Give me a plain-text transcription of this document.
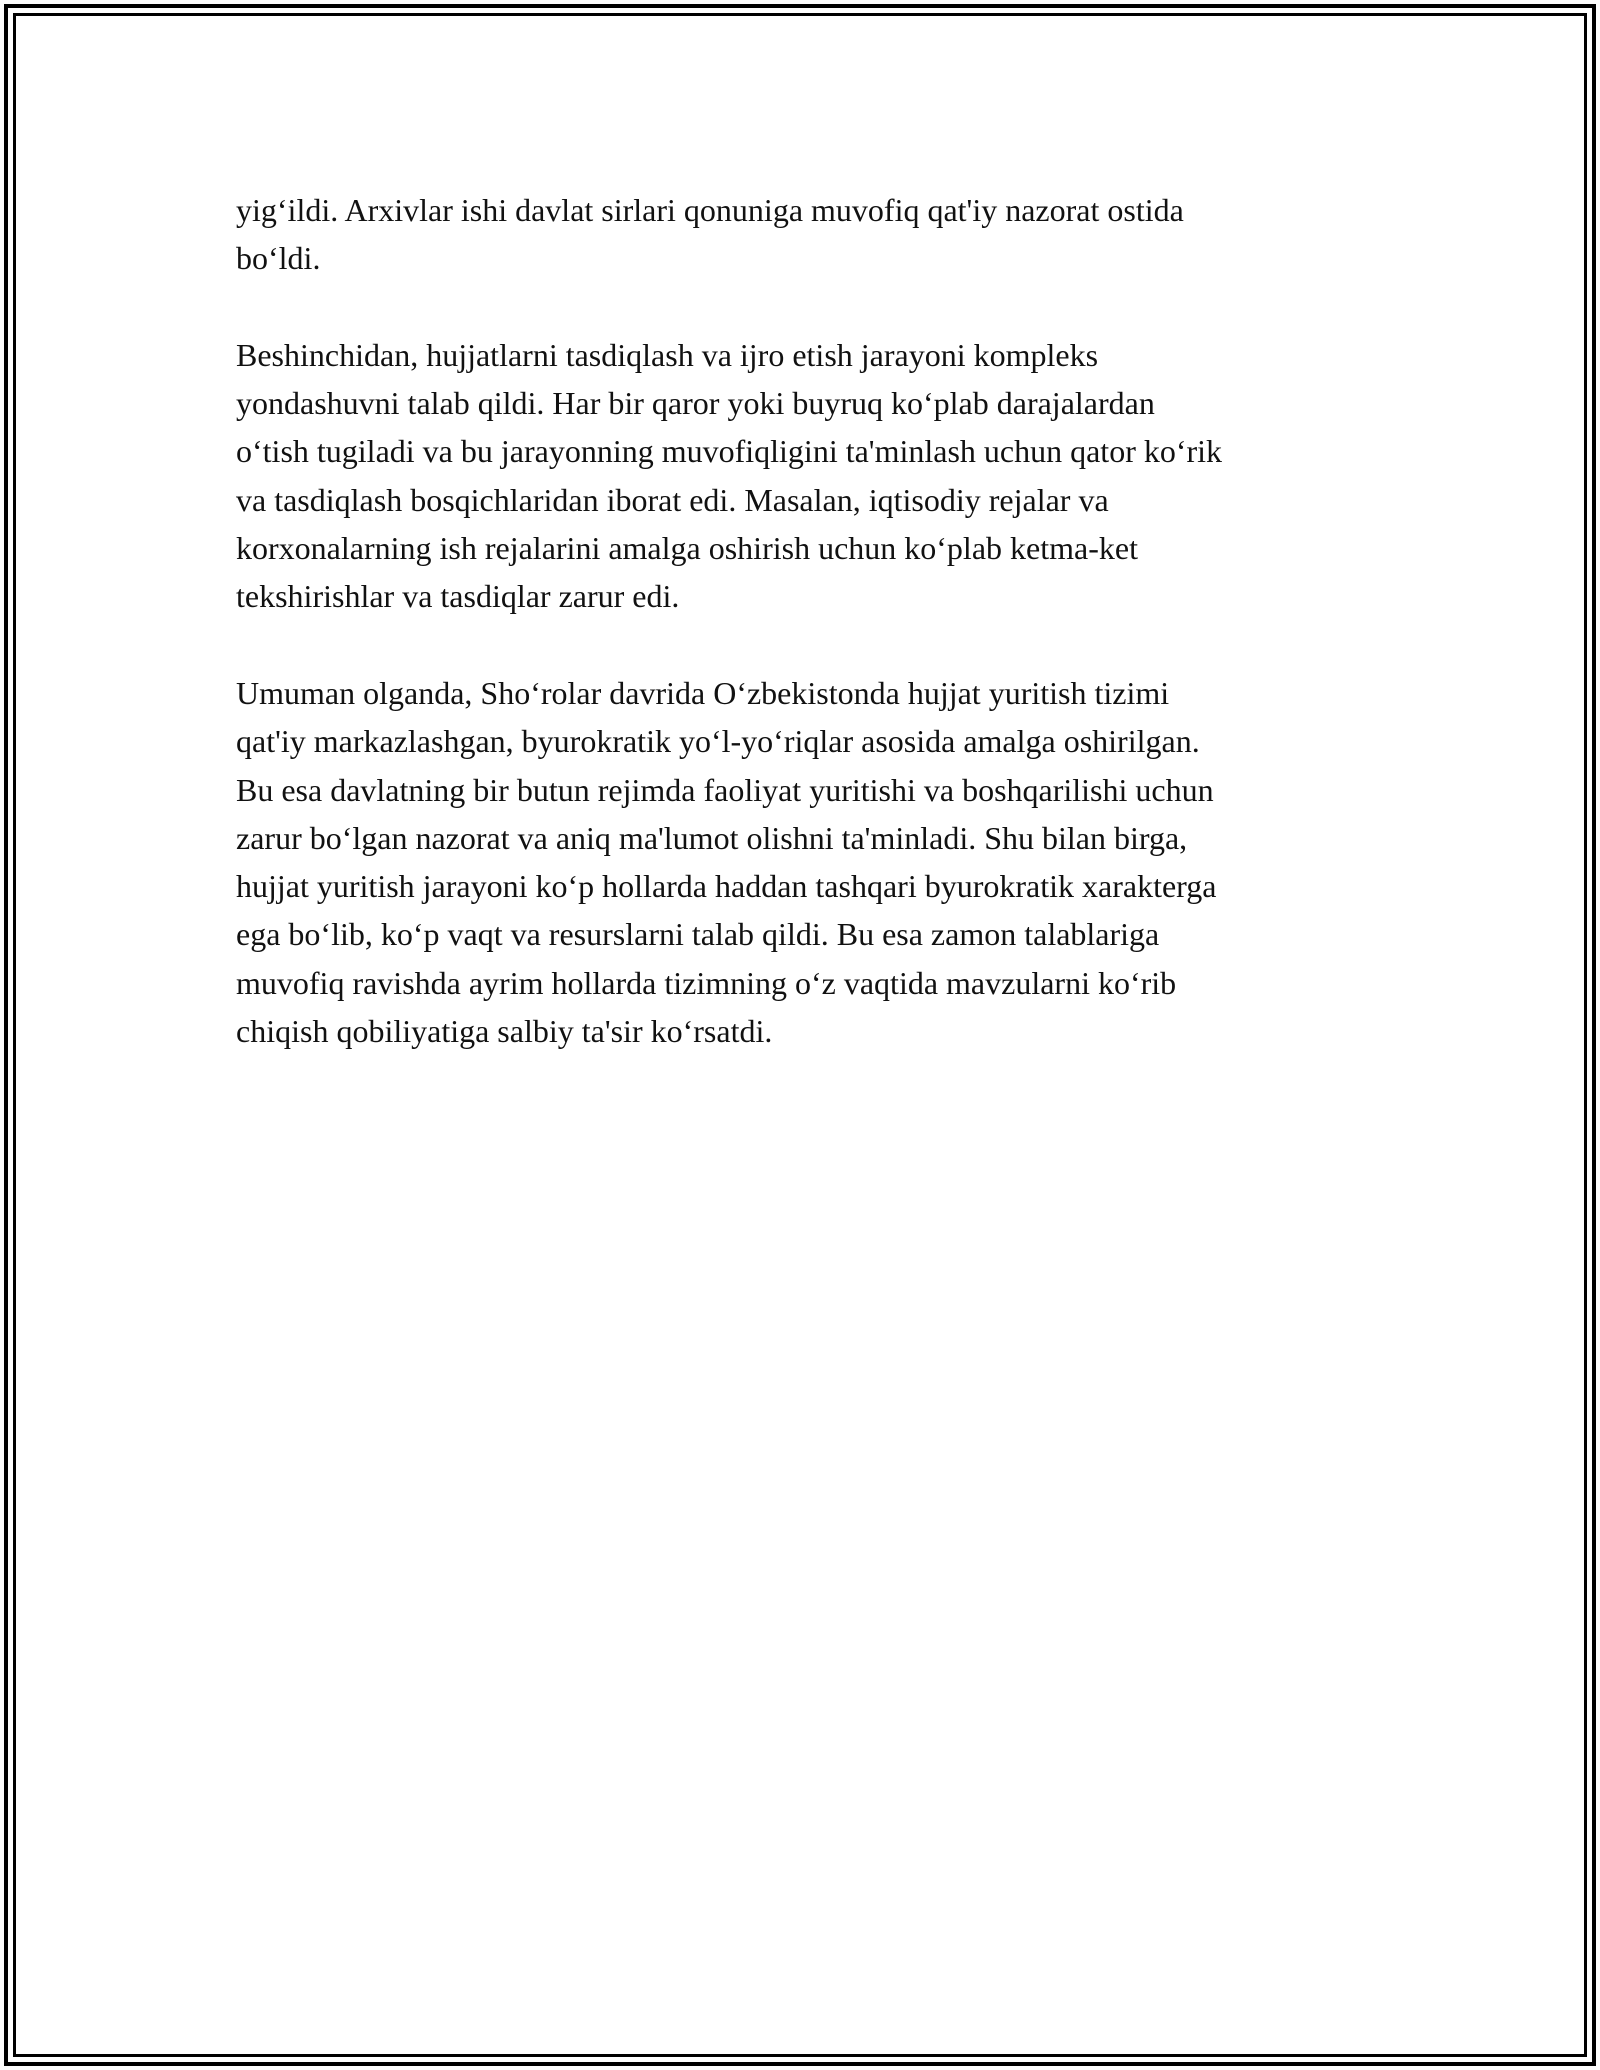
yig‘ildi. Arxivlar ishi davlat sirlari qonuniga muvofiq qat'iy nazorat ostida
bo‘ldi.

Beshinchidan, hujjatlarni tasdiqlash va ijro etish jarayoni kompleks
yondashuvni talab qildi. Har bir qaror yoki buyruq ko‘plab darajalardan
o‘tish tugiladi va bu jarayonning muvofiqligini ta'minlash uchun qator ko‘rik
va tasdiqlash bosqichlaridan iborat edi. Masalan, iqtisodiy rejalar va
korxonalarning ish rejalarini amalga oshirish uchun ko‘plab ketma-ket
tekshirishlar va tasdiqlar zarur edi.

Umuman olganda, Sho‘rolar davrida O‘zbekistonda hujjat yuritish tizimi
qat'iy markazlashgan, byurokratik yo‘l-yo‘riqlar asosida amalga oshirilgan.
Bu esa davlatning bir butun rejimda faoliyat yuritishi va boshqarilishi uchun
zarur bo‘lgan nazorat va aniq ma'lumot olishni ta'minladi. Shu bilan birga,
hujjat yuritish jarayoni ko‘p hollarda haddan tashqari byurokratik xarakterga
ega bo‘lib, ko‘p vaqt va resurslarni talab qildi. Bu esa zamon talablariga
muvofiq ravishda ayrim hollarda tizimning o‘z vaqtida mavzularni ko‘rib
chiqish qobiliyatiga salbiy ta'sir ko‘rsatdi.
